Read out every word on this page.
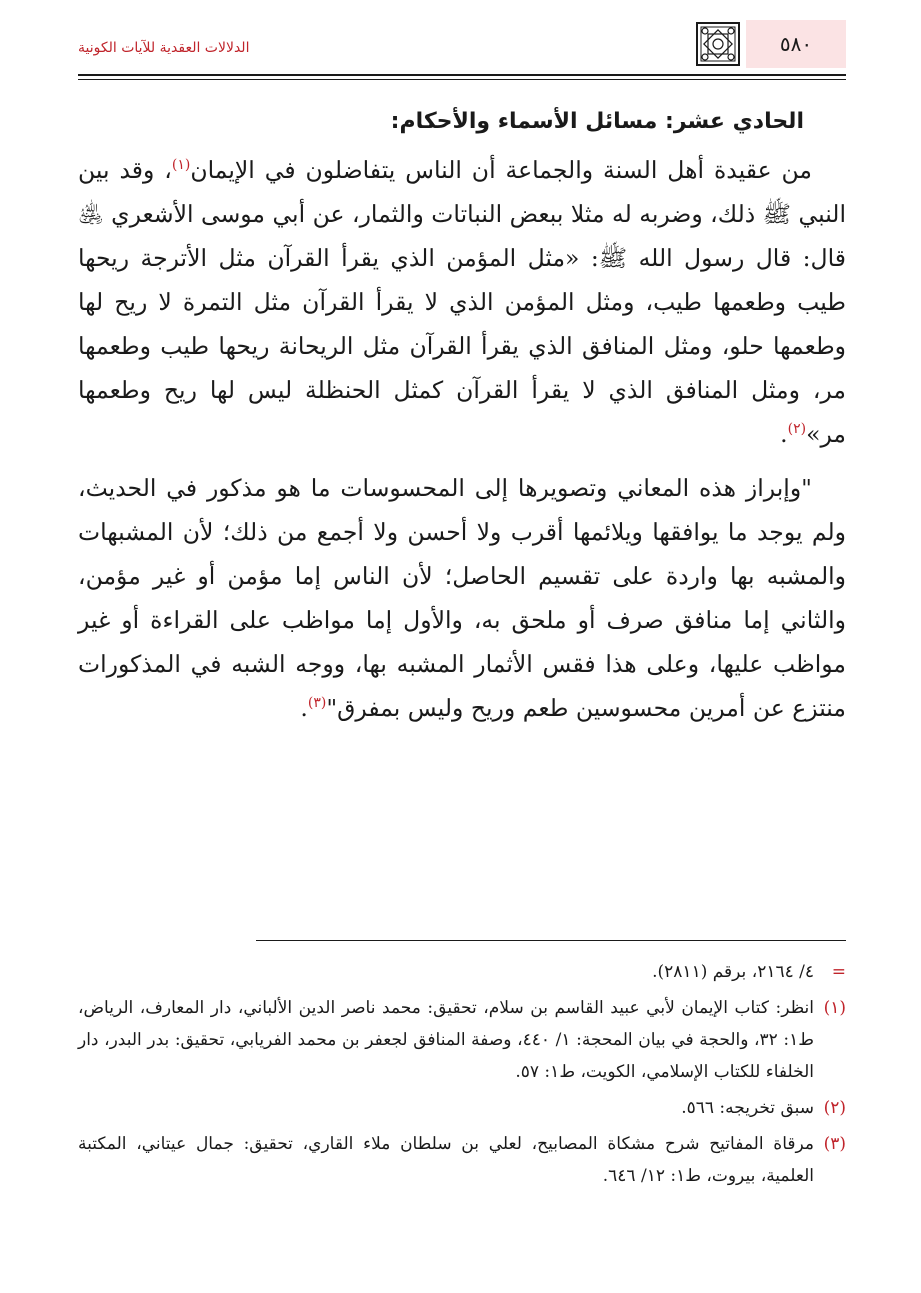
٥٨٠
الدلالات العقدية للآيات الكونية
الحادي عشر: مسائل الأسماء والأحكام:

من عقيدة أهل السنة والجماعة أن الناس يتفاضلون في الإيمان$^{(١)}$، وقد بين النبي ﷺ ذلك، وضربه له مثلا ببعض النباتات والثمار، عن أبي موسى الأشعري ﵁ قال: قال رسول الله ﷺ: «مثل المؤمن الذي يقرأ القرآن مثل الأترجة ريحها طيب وطعمها طيب، ومثل المؤمن الذي لا يقرأ القرآن مثل التمرة لا ريح لها وطعمها حلو، ومثل المنافق الذي يقرأ القرآن مثل الريحانة ريحها طيب وطعمها مر، ومثل المنافق الذي لا يقرأ القرآن كمثل الحنظلة ليس لها ريح وطعمها مر»$^{(٢)}$.

"وإبراز هذه المعاني وتصويرها إلى المحسوسات ما هو مذكور في الحديث، ولم يوجد ما يوافقها ويلائمها أقرب ولا أحسن ولا أجمع من ذلك؛ لأن المشبهات والمشبه بها واردة على تقسيم الحاصل؛ لأن الناس إما مؤمن أو غير مؤمن، والثاني إما منافق صرف أو ملحق به، والأول إما مواظب على القراءة أو غير مواظب عليها، وعلى هذا فقس الأثمار المشبه بها، ووجه الشبه في المذكورات منتزع عن أمرين محسوسين طعم وريح وليس بمفرق"$^{(٣)}$.

=
٤/ ٢١٦٤، برقم (٢٨١١).
(١)
انظر: كتاب الإيمان لأبي عبيد القاسم بن سلام، تحقيق: محمد ناصر الدين الألباني، دار المعارف، الرياض، ط١: ٣٢، والحجة في بيان المحجة: ١/ ٤٤٠، وصفة المنافق لجعفر بن محمد الفريابي، تحقيق: بدر البدر، دار الخلفاء للكتاب الإسلامي، الكويت، ط١: ٥٧.
(٢)
سبق تخريجه: ٥٦٦.
(٣)
مرقاة المفاتيح شرح مشكاة المصابيح، لعلي بن سلطان ملاء القاري، تحقيق: جمال عيتاني، المكتبة العلمية، بيروت، ط١: ١٢/ ٦٤٦.
